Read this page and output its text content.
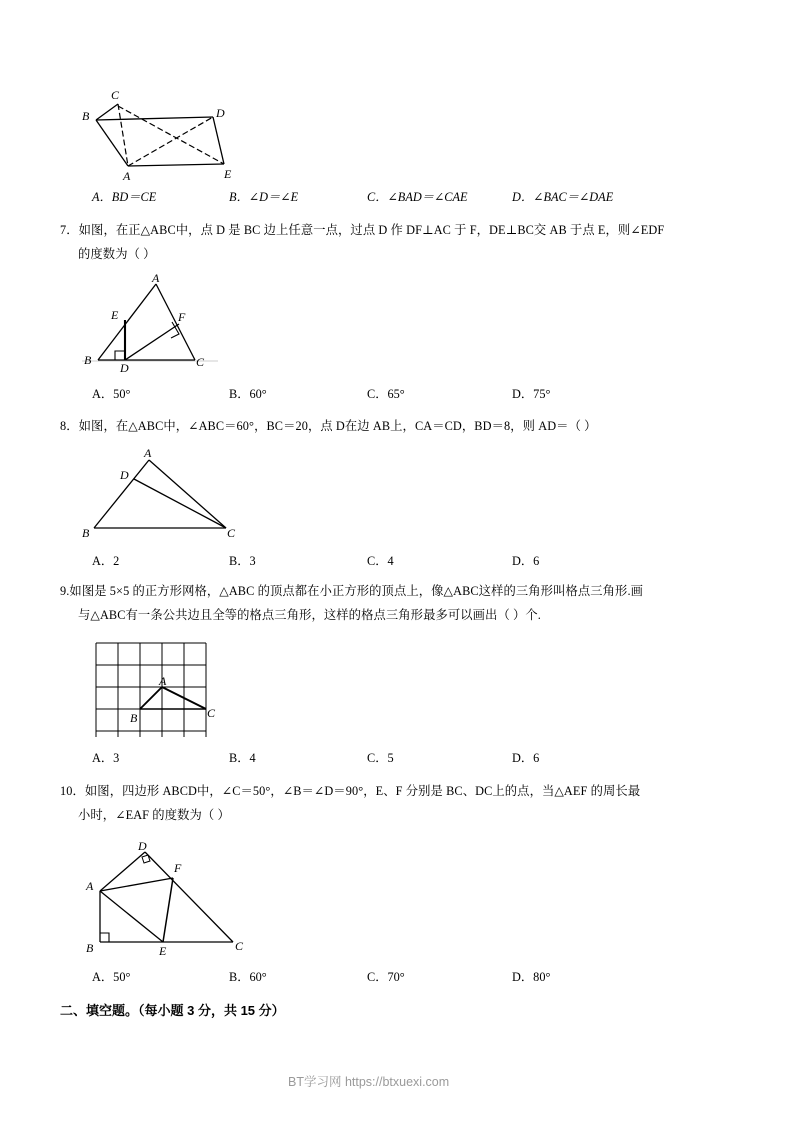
C
B	D
A	E
A．BD＝CE	B．∠D＝∠E	C．∠BAD＝∠CAE	D．∠BAC＝∠DAE
7．如图，在正△ABC中，点 D 是 BC 边上任意一点，过点 D 作 DF⊥AC 于 F，DE⊥BC交 AB 于点 E，则∠EDF
的度数为（ ）
A
E	F
B
D	C
A．50°	B．60°	C．65°	D．75°
8．如图，在△ABC中，∠ABC＝60°，BC＝20，点 D在边 AB上，CA＝CD，BD＝8，则 AD＝（ ）
A
D
B	C
A．2	B．3	C．4	D．6
9.如图是 5×5 的正方形网格，△ABC 的顶点都在小正方形的顶点上，像△ABC这样的三角形叫格点三角形.画
与△ABC有一条公共边且全等的格点三角形，这样的格点三角形最多可以画出（ ）个.
A
B	C
A．3	B．4	C．5	D．6
10．如图，四边形 ABCD中，∠C＝50°，∠B＝∠D＝90°，E、F 分别是 BC、DC上的点，当△AEF 的周长最
小时，∠EAF 的度数为（ ）
D
F
A
B	E	C
A．50°	B．60°	C．70°	D．80°
二、填空题。（每小题 3 分，共 15 分）
BT学习网 https://btxuexi.com
